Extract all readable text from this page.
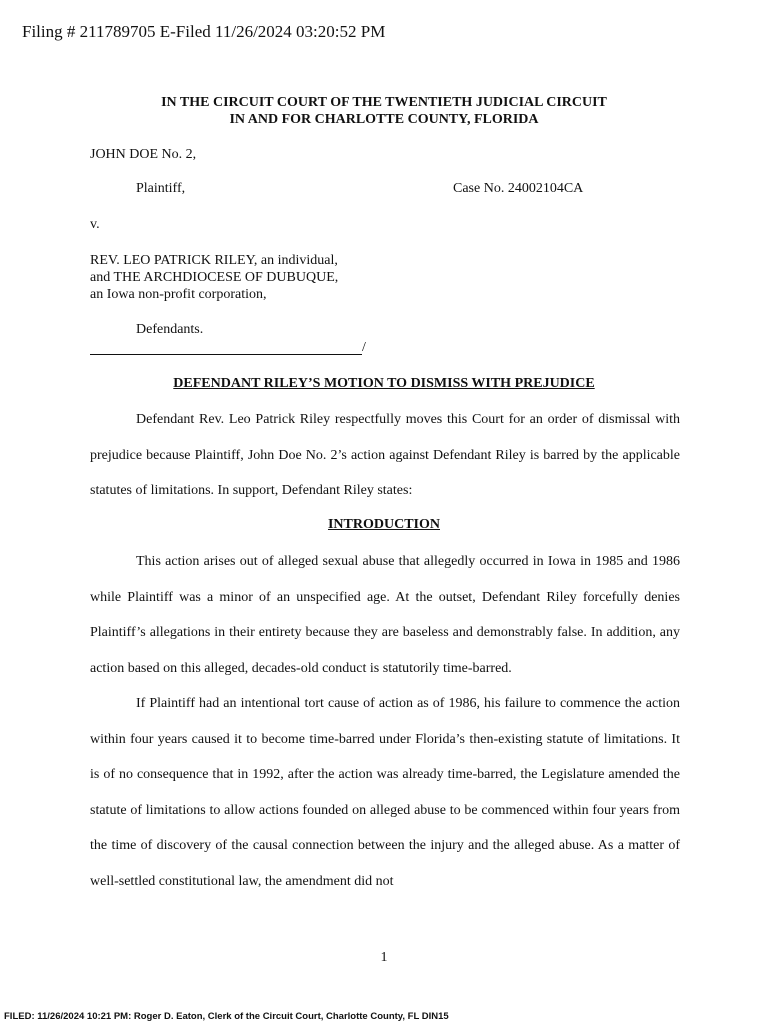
Filing # 211789705 E-Filed 11/26/2024 03:20:52 PM
IN THE CIRCUIT COURT OF THE TWENTIETH JUDICIAL CIRCUIT
IN AND FOR CHARLOTTE COUNTY, FLORIDA
JOHN DOE No. 2,
Plaintiff,	Case No. 24002104CA
v.
REV. LEO PATRICK RILEY, an individual,
and THE ARCHDIOCESE OF DUBUQUE,
an Iowa non-profit corporation,
Defendants.
/
DEFENDANT RILEY’S MOTION TO DISMISS WITH PREJUDICE

Defendant Rev. Leo Patrick Riley respectfully moves this Court for an order of dismissal with prejudice because Plaintiff, John Doe No. 2’s action against Defendant Riley is barred by the applicable statutes of limitations. In support, Defendant Riley states:

INTRODUCTION

This action arises out of alleged sexual abuse that allegedly occurred in Iowa in 1985 and 1986 while Plaintiff was a minor of an unspecified age. At the outset, Defendant Riley forcefully denies Plaintiff’s allegations in their entirety because they are baseless and demonstrably false. In addition, any action based on this alleged, decades-old conduct is statutorily time-barred.

If Plaintiff had an intentional tort cause of action as of 1986, his failure to commence the action within four years caused it to become time-barred under Florida’s then-existing statute of limitations. It is of no consequence that in 1992, after the action was already time-barred, the Legislature amended the statute of limitations to allow actions founded on alleged abuse to be commenced within four years from the time of discovery of the causal connection between the injury and the alleged abuse. As a matter of well-settled constitutional law, the amendment did not

1
FILED: 11/26/2024 10:21 PM: Roger D. Eaton, Clerk of the Circuit Court, Charlotte County, FL DIN15
